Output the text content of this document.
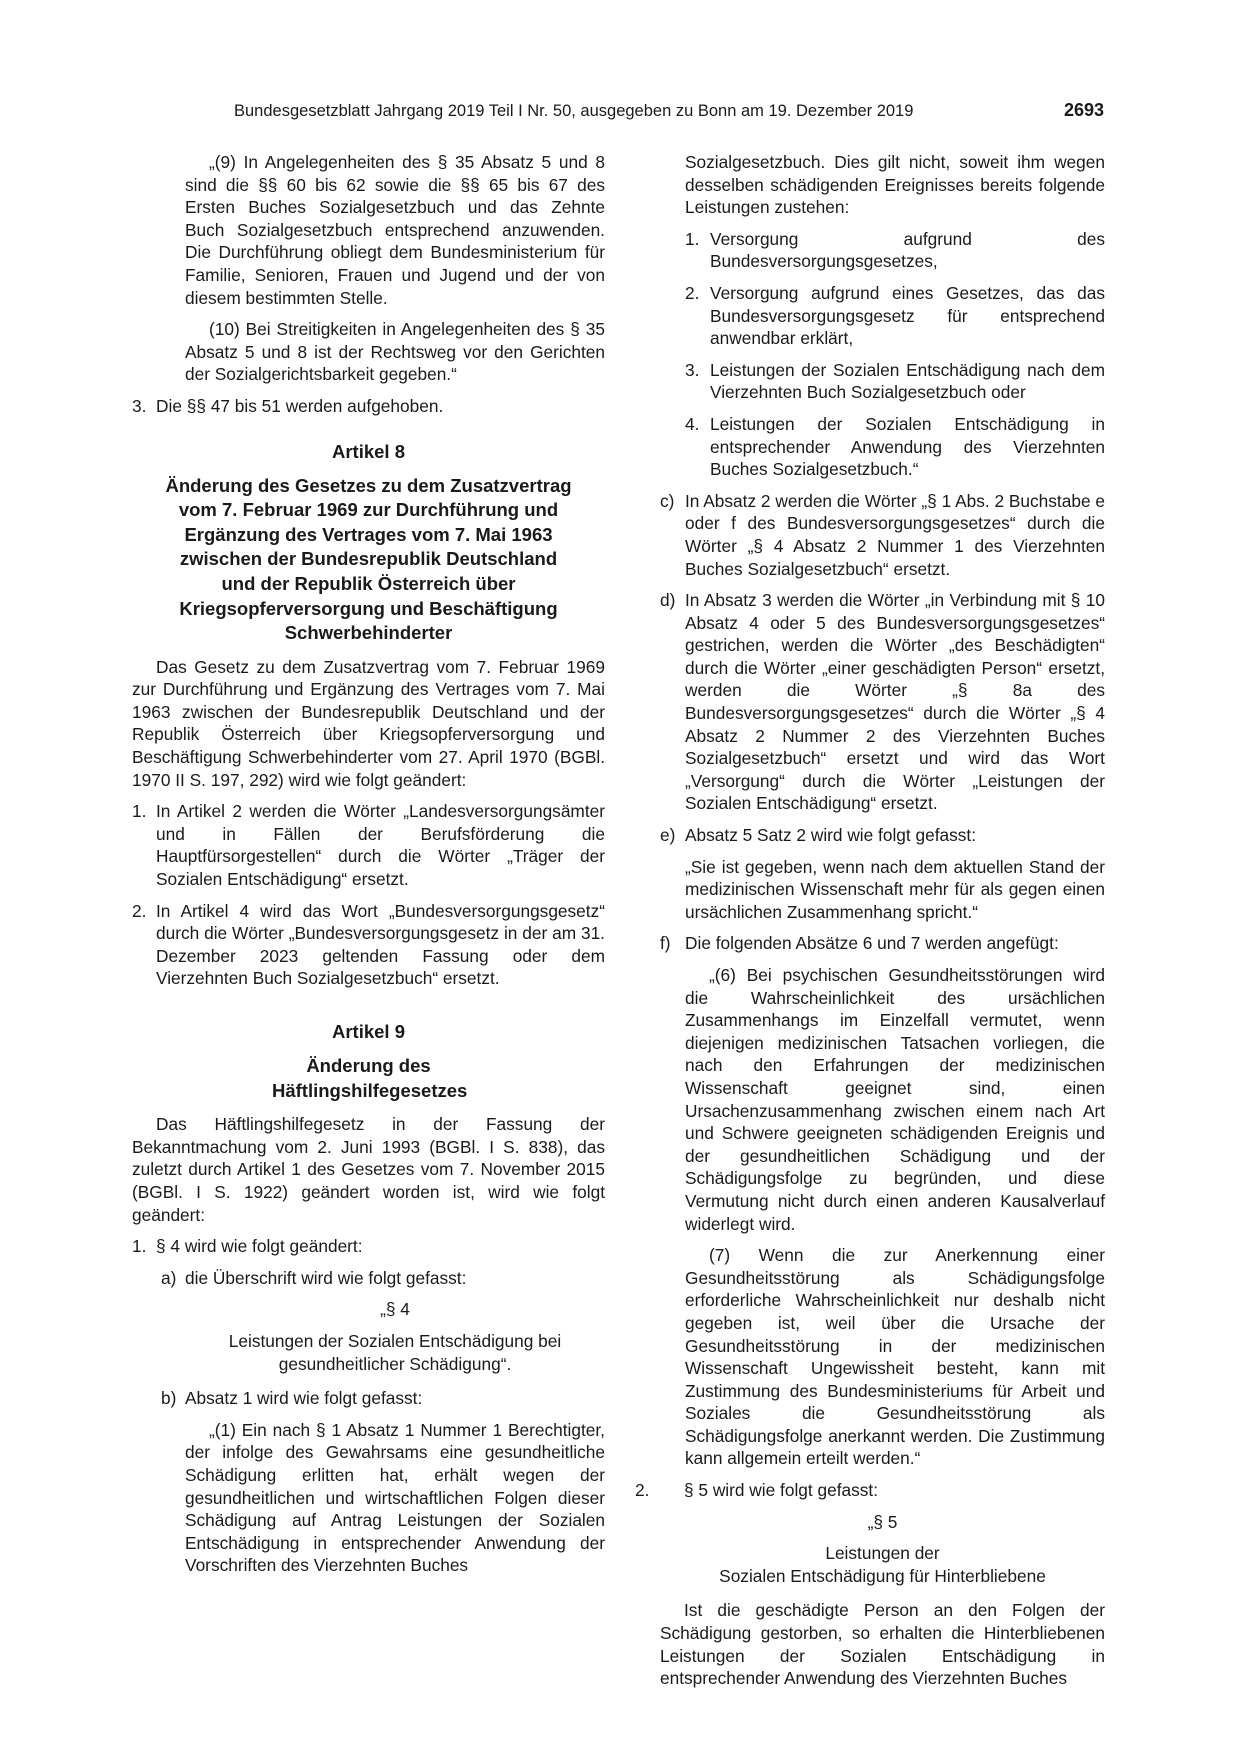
Bundesgesetzblatt Jahrgang 2019 Teil I Nr. 50, ausgegeben zu Bonn am 19. Dezember 2019	2693

„(9) In Angelegenheiten des § 35 Absatz 5 und 8 sind die §§ 60 bis 62 sowie die §§ 65 bis 67 des Ersten Buches Sozialgesetzbuch und das Zehnte Buch Sozialgesetzbuch entsprechend anzuwenden. Die Durchführung obliegt dem Bundesministerium für Familie, Senioren, Frauen und Jugend und der von diesem bestimmten Stelle.

(10) Bei Streitigkeiten in Angelegenheiten des § 35 Absatz 5 und 8 ist der Rechtsweg vor den Gerichten der Sozialgerichtsbarkeit gegeben.“

3. Die §§ 47 bis 51 werden aufgehoben.
Artikel 8
Änderung des Gesetzes zu dem Zusatzvertrag vom 7. Februar 1969 zur Durchführung und Ergänzung des Vertrages vom 7. Mai 1963 zwischen der Bundesrepublik Deutschland und der Republik Österreich über Kriegsopferversorgung und Beschäftigung Schwerbehinderter

Das Gesetz zu dem Zusatzvertrag vom 7. Februar 1969 zur Durchführung und Ergänzung des Vertrages vom 7. Mai 1963 zwischen der Bundesrepublik Deutschland und der Republik Österreich über Kriegsopferversorgung und Beschäftigung Schwerbehinderter vom 27. April 1970 (BGBl. 1970 II S. 197, 292) wird wie folgt geändert:

1. In Artikel 2 werden die Wörter „Landesversorgungsämter und in Fällen der Berufsförderung die Hauptfürsorgestellen“ durch die Wörter „Träger der Sozialen Entschädigung“ ersetzt.
2. In Artikel 4 wird das Wort „Bundesversorgungsgesetz“ durch die Wörter „Bundesversorgungsgesetz in der am 31. Dezember 2023 geltenden Fassung oder dem Vierzehnten Buch Sozialgesetzbuch“ ersetzt.
Artikel 9
Änderung des Häftlingshilfegesetzes

Das Häftlingshilfegesetz in der Fassung der Bekanntmachung vom 2. Juni 1993 (BGBl. I S. 838), das zuletzt durch Artikel 1 des Gesetzes vom 7. November 2015 (BGBl. I S. 1922) geändert worden ist, wird wie folgt geändert:

1. § 4 wird wie folgt geändert:
a) die Überschrift wird wie folgt gefasst:
„§ 4
Leistungen der Sozialen Entschädigung bei gesundheitlicher Schädigung“.
b) Absatz 1 wird wie folgt gefasst:

„(1) Ein nach § 1 Absatz 1 Nummer 1 Berechtigter, der infolge des Gewahrsams eine gesundheitliche Schädigung erlitten hat, erhält wegen der gesundheitlichen und wirtschaftlichen Folgen dieser Schädigung auf Antrag Leistungen der Sozialen Entschädigung in entsprechender Anwendung der Vorschriften des Vierzehnten Buches

Sozialgesetzbuch. Dies gilt nicht, soweit ihm wegen desselben schädigenden Ereignisses bereits folgende Leistungen zustehen:

1. Versorgung aufgrund des Bundesversorgungsgesetzes,
2. Versorgung aufgrund eines Gesetzes, das das Bundesversorgungsgesetz für entsprechend anwendbar erklärt,
3. Leistungen der Sozialen Entschädigung nach dem Vierzehnten Buch Sozialgesetzbuch oder
4. Leistungen der Sozialen Entschädigung in entsprechender Anwendung des Vierzehnten Buches Sozialgesetzbuch.“
c) In Absatz 2 werden die Wörter „§ 1 Abs. 2 Buchstabe e oder f des Bundesversorgungsgesetzes“ durch die Wörter „§ 4 Absatz 2 Nummer 1 des Vierzehnten Buches Sozialgesetzbuch“ ersetzt.
d) In Absatz 3 werden die Wörter „in Verbindung mit § 10 Absatz 4 oder 5 des Bundesversorgungsgesetzes“ gestrichen, werden die Wörter „des Beschädigten“ durch die Wörter „einer geschädigten Person“ ersetzt, werden die Wörter „§ 8a des Bundesversorgungsgesetzes“ durch die Wörter „§ 4 Absatz 2 Nummer 2 des Vierzehnten Buches Sozialgesetzbuch“ ersetzt und wird das Wort „Versorgung“ durch die Wörter „Leistungen der Sozialen Entschädigung“ ersetzt.
e) Absatz 5 Satz 2 wird wie folgt gefasst:

„Sie ist gegeben, wenn nach dem aktuellen Stand der medizinischen Wissenschaft mehr für als gegen einen ursächlichen Zusammenhang spricht.“

f) Die folgenden Absätze 6 und 7 werden angefügt:

„(6) Bei psychischen Gesundheitsstörungen wird die Wahrscheinlichkeit des ursächlichen Zusammenhangs im Einzelfall vermutet, wenn diejenigen medizinischen Tatsachen vorliegen, die nach den Erfahrungen der medizinischen Wissenschaft geeignet sind, einen Ursachenzusammenhang zwischen einem nach Art und Schwere geeigneten schädigenden Ereignis und der gesundheitlichen Schädigung und der Schädigungsfolge zu begründen, und diese Vermutung nicht durch einen anderen Kausalverlauf widerlegt wird.

(7) Wenn die zur Anerkennung einer Gesundheitsstörung als Schädigungsfolge erforderliche Wahrscheinlichkeit nur deshalb nicht gegeben ist, weil über die Ursache der Gesundheitsstörung in der medizinischen Wissenschaft Ungewissheit besteht, kann mit Zustimmung des Bundesministeriums für Arbeit und Soziales die Gesundheitsstörung als Schädigungsfolge anerkannt werden. Die Zustimmung kann allgemein erteilt werden.“

2. § 5 wird wie folgt gefasst:
„§ 5
Leistungen der
Sozialen Entschädigung für Hinterbliebene

Ist die geschädigte Person an den Folgen der Schädigung gestorben, so erhalten die Hinterbliebenen Leistungen der Sozialen Entschädigung in entsprechender Anwendung des Vierzehnten Buches
